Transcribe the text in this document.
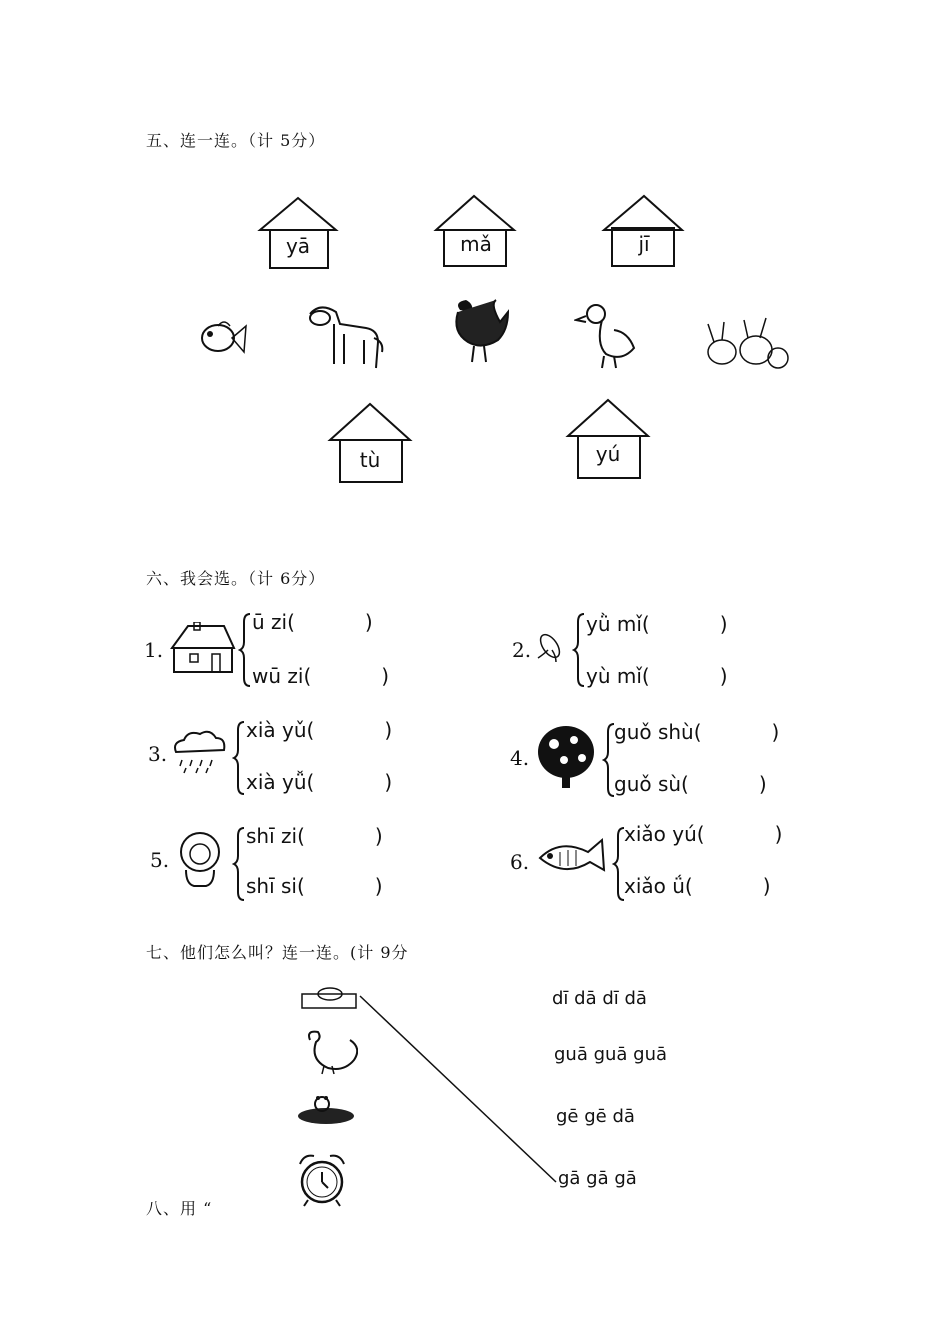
五、连一连。（计 5分）
yā	mǎ	jī
tù	yú
六、我会选。（计 6分）
1.
ū zi(	)
wū zi(	)
2.
yǜ mǐ(	)
yù mǐ(	)
3.
xià yǔ(	)
xià yǚ(	)
4.
guǒ shù(	)
guǒ sù(	)
5.
shī zi(	)
shī si(	)
6.
xiǎo yú(	)
xiǎo ǘ(	)
七、他们怎么叫？连一连。(计 9分
dī dā dī dā
guā guā guā
gē gē dā
gā gā gā
八、用 “
